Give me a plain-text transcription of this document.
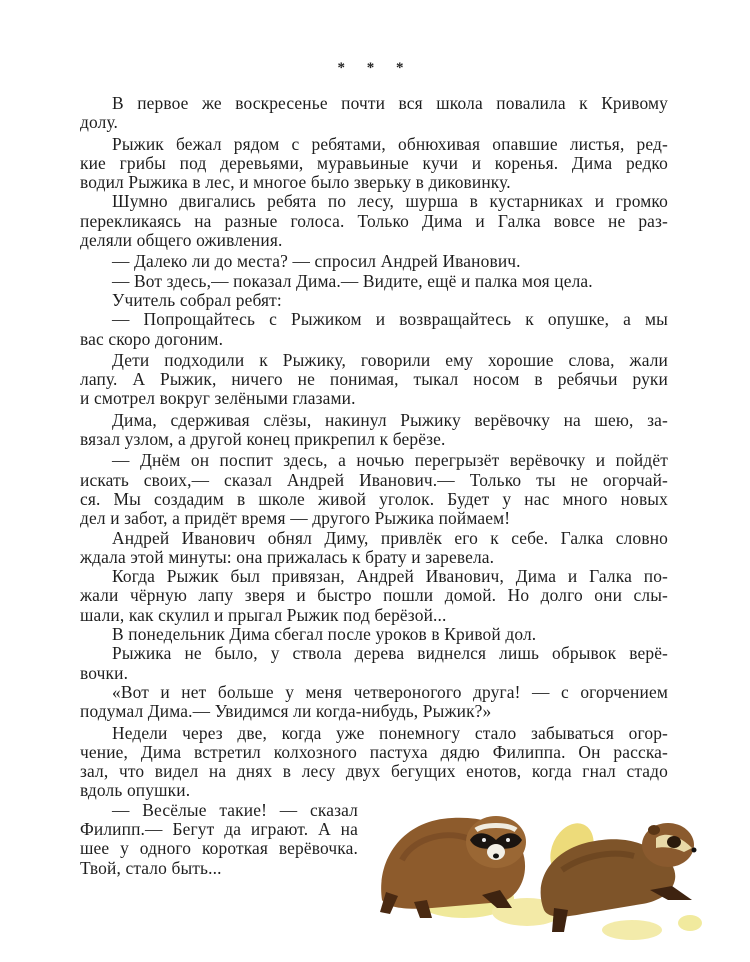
* * *
В первое же воскресенье почти вся школа повалила к Кривому
долу.
Рыжик бежал рядом с ребятами, обнюхивая опавшие листья, ред-
кие грибы под деревьями, муравьиные кучи и коренья. Дима редко
водил Рыжика в лес, и многое было зверьку в диковинку.
Шумно двигались ребята по лесу, шурша в кустарниках и громко
перекликаясь на разные голоса. Только Дима и Галка вовсе не раз-
деляли общего оживления.
— Далеко ли до места? — спросил Андрей Иванович.
— Вот здесь,— показал Дима.— Видите, ещё и палка моя цела.
Учитель собрал ребят:
— Попрощайтесь с Рыжиком и возвращайтесь к опушке, а мы
вас скоро догоним.
Дети подходили к Рыжику, говорили ему хорошие слова, жали
лапу. А Рыжик, ничего не понимая, тыкал носом в ребячьи руки
и смотрел вокруг зелёными глазами.
Дима, сдерживая слёзы, накинул Рыжику верёвочку на шею, за-
вязал узлом, а другой конец прикрепил к берёзе.
— Днём он поспит здесь, а ночью перегрызёт верёвочку и пойдёт
искать своих,— сказал Андрей Иванович.— Только ты не огорчай-
ся. Мы создадим в школе живой уголок. Будет у нас много новых
дел и забот, а придёт время — другого Рыжика поймаем!
Андрей Иванович обнял Диму, привлёк его к себе. Галка словно
ждала этой минуты: она прижалась к брату и заревела.
Когда Рыжик был привязан, Андрей Иванович, Дима и Галка по-
жали чёрную лапу зверя и быстро пошли домой. Но долго они слы-
шали, как скулил и прыгал Рыжик под берёзой...
В понедельник Дима сбегал после уроков в Кривой дол.
Рыжика не было, у ствола дерева виднелся лишь обрывок верё-
вочки.
«Вот и нет больше у меня четвероногого друга! — с огорчением
подумал Дима.— Увидимся ли когда-нибудь, Рыжик?»
Недели через две, когда уже понемногу стало забываться огор-
чение, Дима встретил колхозного пастуха дядю Филиппа. Он расска-
зал, что видел на днях в лесу двух бегущих енотов, когда гнал стадо
вдоль опушки.
— Весёлые такие! — сказал
Филипп.— Бегут да играют. А на
шее у одного короткая верёвочка.
Твой, стало быть...
